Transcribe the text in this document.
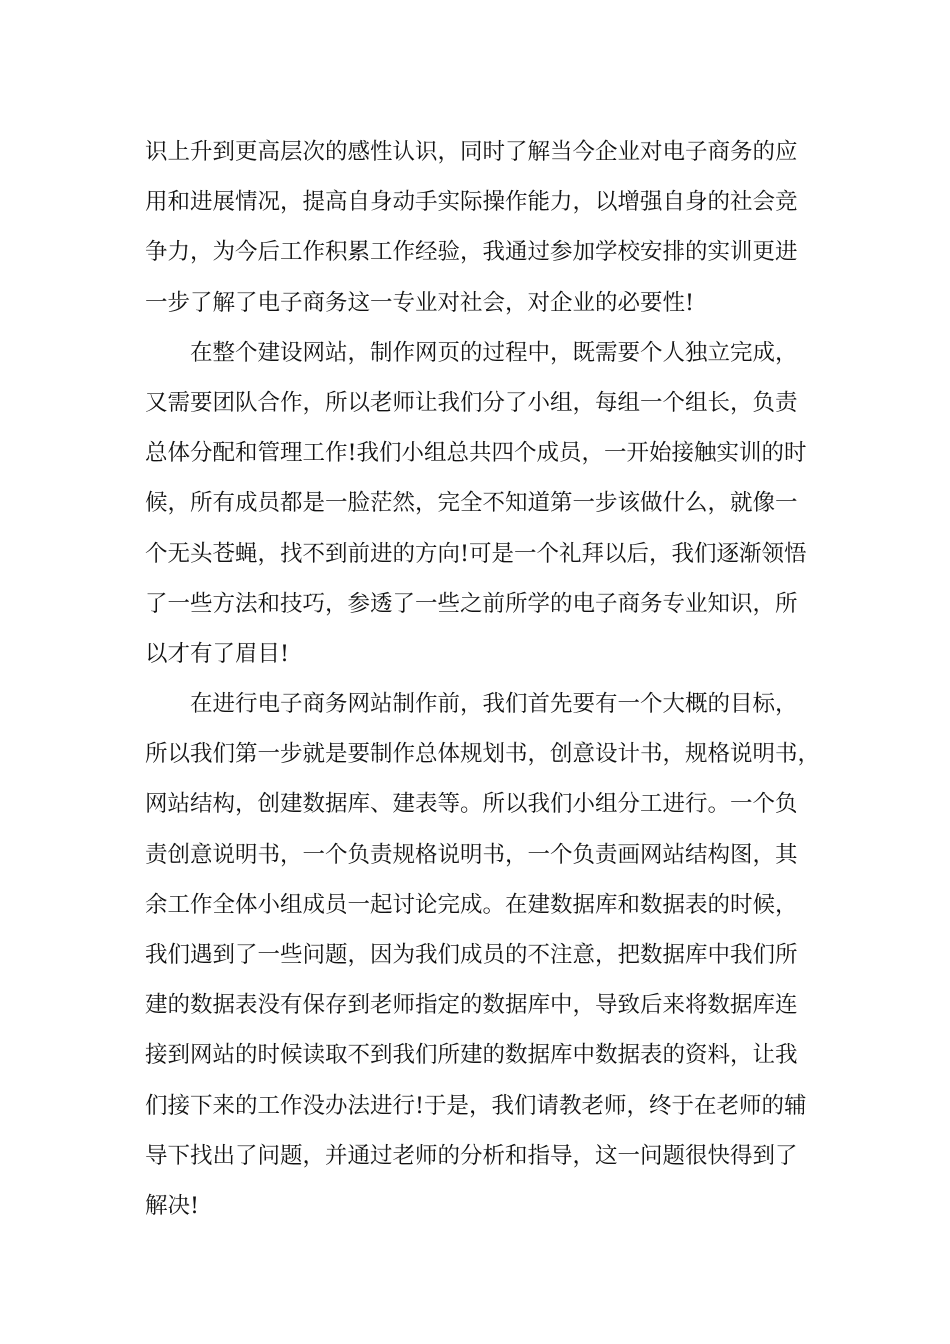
识上升到更高层次的感性认识，同时了解当今企业对电子商务的应
用和进展情况，提高自身动手实际操作能力，以增强自身的社会竞
争力，为今后工作积累工作经验，我通过参加学校安排的实训更进
一步了解了电子商务这一专业对社会，对企业的必要性!
在整个建设网站，制作网页的过程中，既需要个人独立完成，
又需要团队合作，所以老师让我们分了小组，每组一个组长，负责
总体分配和管理工作!我们小组总共四个成员，一开始接触实训的时
候，所有成员都是一脸茫然，完全不知道第一步该做什么，就像一
个无头苍蝇，找不到前进的方向!可是一个礼拜以后，我们逐渐领悟
了一些方法和技巧，参透了一些之前所学的电子商务专业知识，所
以才有了眉目!
在进行电子商务网站制作前，我们首先要有一个大概的目标，
所以我们第一步就是要制作总体规划书，创意设计书，规格说明书，
网站结构，创建数据库、建表等。所以我们小组分工进行。一个负
责创意说明书，一个负责规格说明书，一个负责画网站结构图，其
余工作全体小组成员一起讨论完成。在建数据库和数据表的时候，
我们遇到了一些问题，因为我们成员的不注意，把数据库中我们所
建的数据表没有保存到老师指定的数据库中，导致后来将数据库连
接到网站的时候读取不到我们所建的数据库中数据表的资料，让我
们接下来的工作没办法进行!于是，我们请教老师，终于在老师的辅
导下找出了问题，并通过老师的分析和指导，这一问题很快得到了
解决!
